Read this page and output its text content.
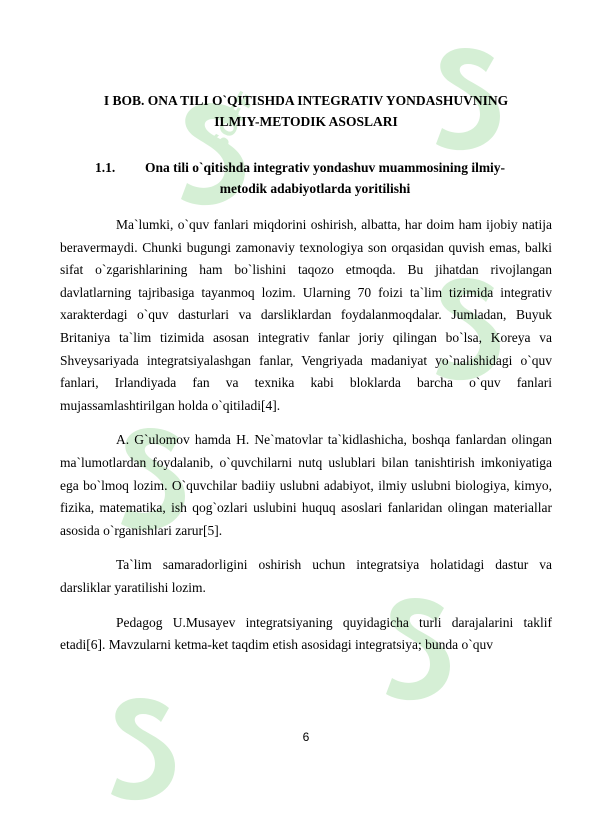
SOFF
I BOB. ONA TILI O`QITISHDA INTEGRATIV YONDASHUVNING
ILMIY-METODIK ASOSLARI
1.1. Ona tili o`qitishda integrativ yondashuv muammosining ilmiy-
metodik adabiyotlarda yoritilishi

Ma`lumki, o`quv fanlari miqdorini oshirish, albatta, har doim ham ijobiy natija beravermaydi. Chunki bugungi zamonaviy texnologiya son orqasidan quvish emas, balki sifat o`zgarishlarining ham bo`lishini taqozo etmoqda. Bu jihatdan rivojlangan davlatlarning tajribasiga tayanmoq lozim. Ularning 70 foizi ta`lim tizimida integrativ xarakterdagi o`quv dasturlari va darsliklardan foydalanmoqdalar. Jumladan, Buyuk Britaniya ta`lim tizimida asosan integrativ fanlar joriy qilingan bo`lsa, Koreya va Shveysariyada integratsiyalashgan fanlar, Vengriyada madaniyat yo`nalishidagi o`quv fanlari, Irlandiyada fan va texnika kabi bloklarda barcha o`quv fanlari mujassamlashtirilgan holda o`qitiladi[4].

A. G`ulomov hamda H. Ne`matovlar ta`kidlashicha, boshqa fanlardan olingan ma`lumotlardan foydalanib, o`quvchilarni nutq uslublari bilan tanishtirish imkoniyatiga ega bo`lmoq lozim. O`quvchilar badiiy uslubni adabiyot, ilmiy uslubni biologiya, kimyo, fizika, matematika, ish qog`ozlari uslubini huquq asoslari fanlaridan olingan materiallar asosida o`rganishlari zarur[5].

Ta`lim samaradorligini oshirish uchun integratsiya holatidagi dastur va darsliklar yaratilishi lozim.

Pedagog U.Musayev integratsiyaning quyidagicha turli darajalarini taklif etadi[6]. Mavzularni ketma-ket taqdim etish asosidagi integratsiya; bunda o`quv

6
